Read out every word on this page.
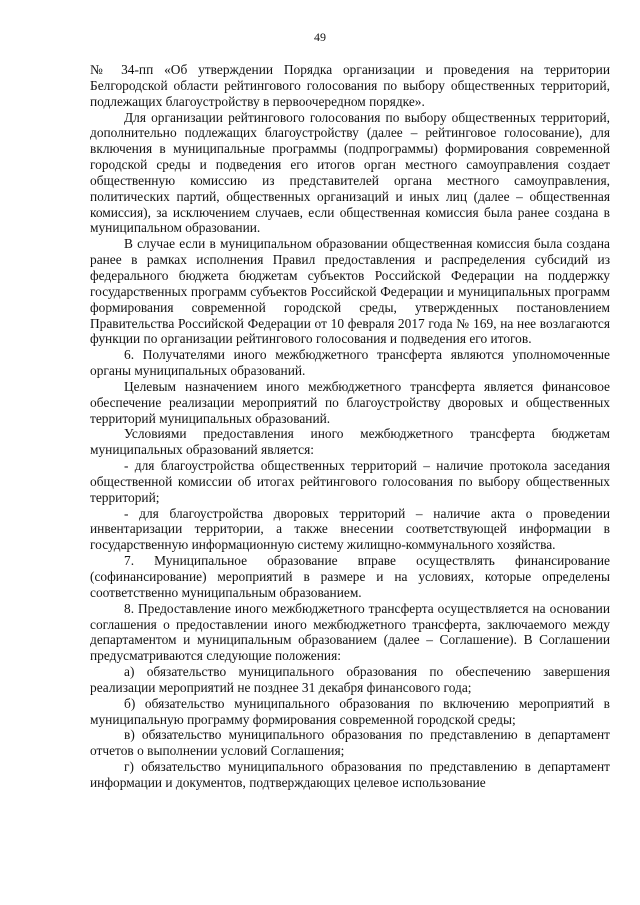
49

№ 34-пп «Об утверждении Порядка организации и проведения на территории Белгородской области рейтингового голосования по выбору общественных территорий, подлежащих благоустройству в первоочередном порядке».

Для организации рейтингового голосования по выбору общественных территорий, дополнительно подлежащих благоустройству (далее – рейтинговое голосование), для включения в муниципальные программы (подпрограммы) формирования современной городской среды и подведения его итогов орган местного самоуправления создает общественную комиссию из представителей органа местного самоуправления, политических партий, общественных организаций и иных лиц (далее – общественная комиссия), за исключением случаев, если общественная комиссия была ранее создана в муниципальном образовании.

В случае если в муниципальном образовании общественная комиссия была создана ранее в рамках исполнения Правил предоставления и распределения субсидий из федерального бюджета бюджетам субъектов Российской Федерации на поддержку государственных программ субъектов Российской Федерации и муниципальных программ формирования современной городской среды, утвержденных постановлением Правительства Российской Федерации от 10 февраля 2017 года № 169, на нее возлагаются функции по организации рейтингового голосования и подведения его итогов.

6. Получателями иного межбюджетного трансферта являются уполномоченные органы муниципальных образований.

Целевым назначением иного межбюджетного трансферта является финансовое обеспечение реализации мероприятий по благоустройству дворовых и общественных территорий муниципальных образований.

Условиями предоставления иного межбюджетного трансферта бюджетам муниципальных образований является:

- для благоустройства общественных территорий – наличие протокола заседания общественной комиссии об итогах рейтингового голосования по выбору общественных территорий;

- для благоустройства дворовых территорий – наличие акта о проведении инвентаризации территории, а также внесении соответствующей информации в государственную информационную систему жилищно-коммунального хозяйства.

7. Муниципальное образование вправе осуществлять финансирование (софинансирование) мероприятий в размере и на условиях, которые определены соответственно муниципальным образованием.

8. Предоставление иного межбюджетного трансферта осуществляется на основании соглашения о предоставлении иного межбюджетного трансферта, заключаемого между департаментом и муниципальным образованием (далее – Соглашение). В Соглашении предусматриваются следующие положения:

а) обязательство муниципального образования по обеспечению завершения реализации мероприятий не позднее 31 декабря финансового года;

б) обязательство муниципального образования по включению мероприятий в муниципальную программу формирования современной городской среды;

в) обязательство муниципального образования по представлению в департамент отчетов о выполнении условий Соглашения;

г) обязательство муниципального образования по представлению в департамент информации и документов, подтверждающих целевое использование
